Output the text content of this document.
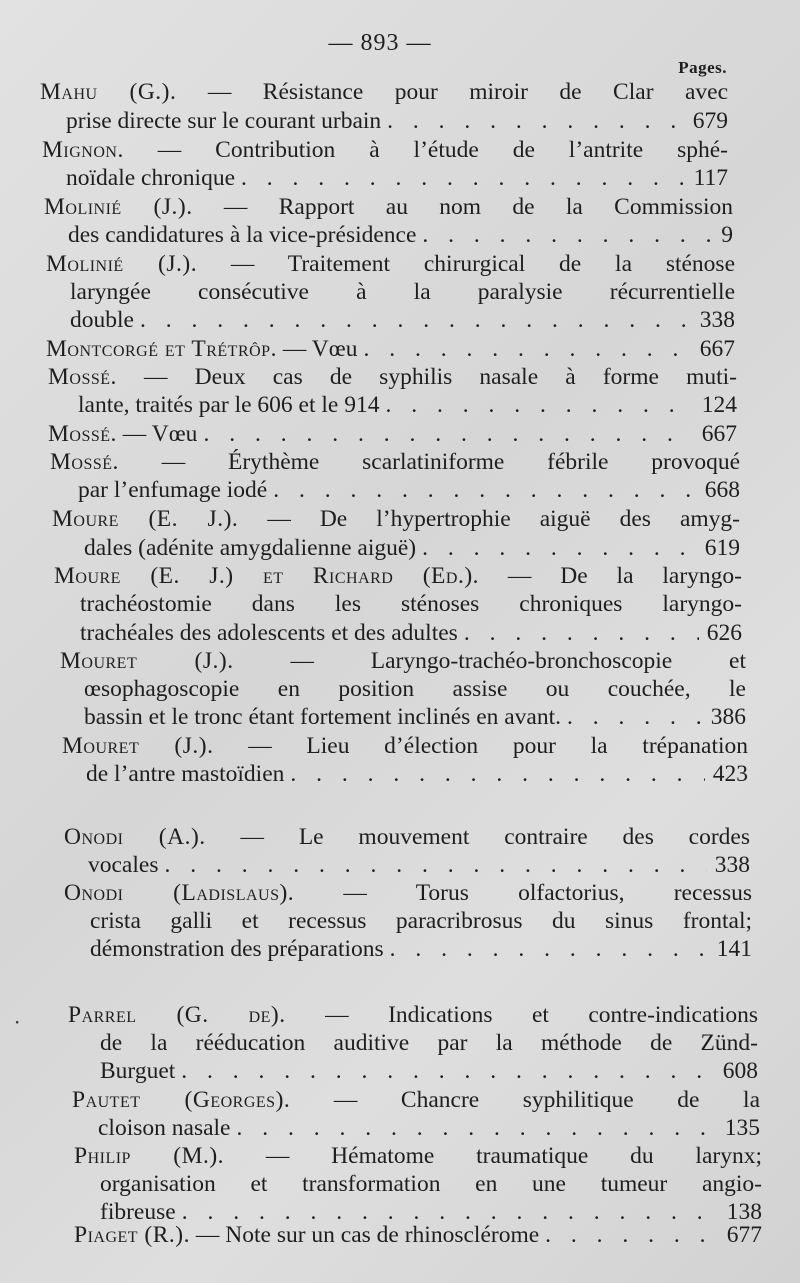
— 893 —
Pages.
·
Mahu (G.). — Résistance pour miroir de Clar avec
prise directe sur le courant urbain . . .	679
Mignon. — Contribution à l’étude de l’antrite sphé-
noïdale chronique . . .	117
Molinié (J.). — Rapport au nom de la Commission
des candidatures à la vice-présidence . . .	9
Molinié (J.). — Traitement chirurgical de la sténose
laryngée consécutive à la paralysie récurrentielle
double . . .	338
Montcorgé et Trétrôp. — Vœu . . .	667
Mossé. — Deux cas de syphilis nasale à forme muti-
lante, traités par le 606 et le 914 . . .	124
Mossé. — Vœu . . .	667
Mossé. — Érythème scarlatiniforme fébrile provoqué
par l’enfumage iodé . . .	668
Moure (E. J.). — De l’hypertrophie aiguë des amyg-
dales (adénite amygdalienne aiguë) . . .	619
Moure (E. J.) et Richard (Ed.). — De la laryngo-
trachéostomie dans les sténoses chroniques laryngo-
trachéales des adolescents et des adultes . . .	626
Mouret (J.). — Laryngo-trachéo-bronchoscopie et
œsophagoscopie en position assise ou couchée, le
bassin et le tronc étant fortement inclinés en avant. . . .	386
Mouret (J.). — Lieu d’élection pour la trépanation
de l’antre mastoïdien . . .	423
Onodi (A.). — Le mouvement contraire des cordes
vocales . . .	338
Onodi (Ladislaus). — Torus olfactorius, recessus
crista galli et recessus paracribrosus du sinus frontal;
démonstration des préparations . . .	141
Parrel (G. de). — Indications et contre-indications
de la rééducation auditive par la méthode de Zünd-
Burguet . . .	608
Pautet (Georges). — Chancre syphilitique de la
cloison nasale . . .	135
Philip (M.). — Hématome traumatique du larynx;
organisation et transformation en une tumeur angio-
fibreuse . . .	138
Piaget (R.). — Note sur un cas de rhinosclérome . . .	677
